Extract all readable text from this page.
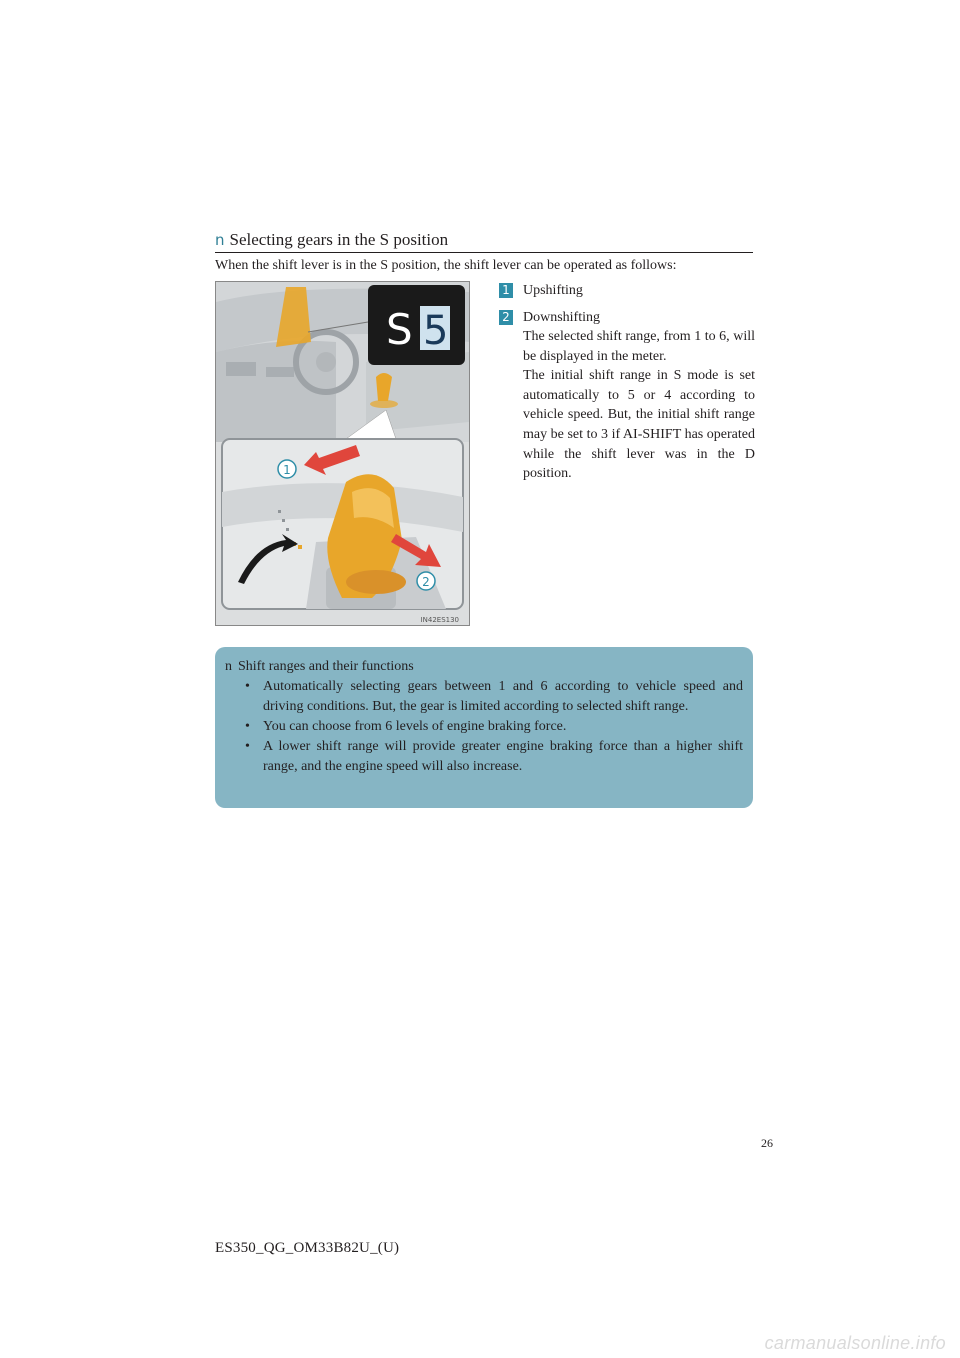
n Selecting gears in the S position
When the shift lever is in the S position, the shift lever can be operated as follows:
S 5
1
2
IN42ES130
1 Upshifting
2 Downshifting

The selected shift range, from 1 to 6, will be displayed in the meter.

The initial shift range in S mode is set automatically to 5 or 4 according to vehicle speed. But, the initial shift range may be set to 3 if AI-SHIFT has operated while the shift lever was in the D position.

n Shift ranges and their functions
• Automatically selecting gears between 1 and 6 according to vehicle speed and driving conditions. But, the gear is limited according to selected shift range.
• You can choose from 6 levels of engine braking force.
• A lower shift range will provide greater engine braking force than a higher shift range, and the engine speed will also increase.
26
ES350_QG_OM33B82U_(U)
carmanualsonline.info
